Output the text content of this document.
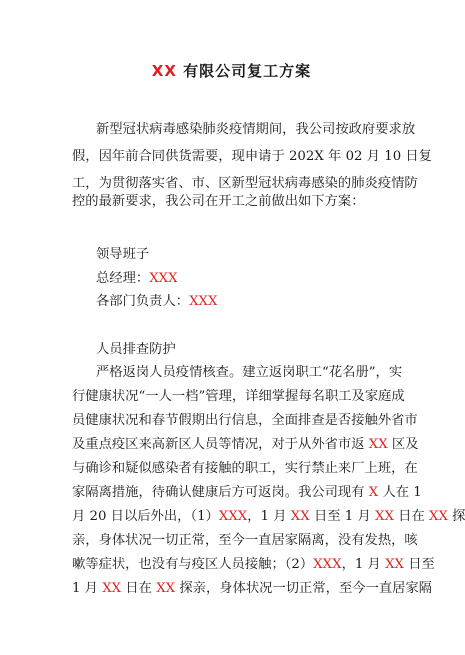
XX 有限公司复工方案
新型冠状病毒感染肺炎疫情期间，我公司按政府要求放
假，因年前合同供货需要，现申请于 202X 年 02 月 10 日复
工，为贯彻落实省、市、区新型冠状病毒感染的肺炎疫情防
控的最新要求，我公司在开工之前做出如下方案：
领导班子
总经理：XXX
各部门负责人：XXX
人员排查防护
严格返岗人员疫情核查。建立返岗职工“花名册”，实
行健康状况“一人一档”管理，详细掌握每名职工及家庭成
员健康状况和春节假期出行信息，全面排查是否接触外省市
及重点疫区来高新区人员等情况，对于从外省市返 XX 区及
与确诊和疑似感染者有接触的职工，实行禁止来厂上班，在
家隔离措施，待确认健康后方可返岗。我公司现有 X 人在 1
月 20 日以后外出，（1）XXX，1 月 XX 日至 1 月 XX 日在 XX 探
亲，身体状况一切正常，至今一直居家隔离，没有发热，咳
嗽等症状，也没有与疫区人员接触；（2）XXX，1 月 XX 日至
1 月 XX 日在 XX 探亲，身体状况一切正常，至今一直居家隔
